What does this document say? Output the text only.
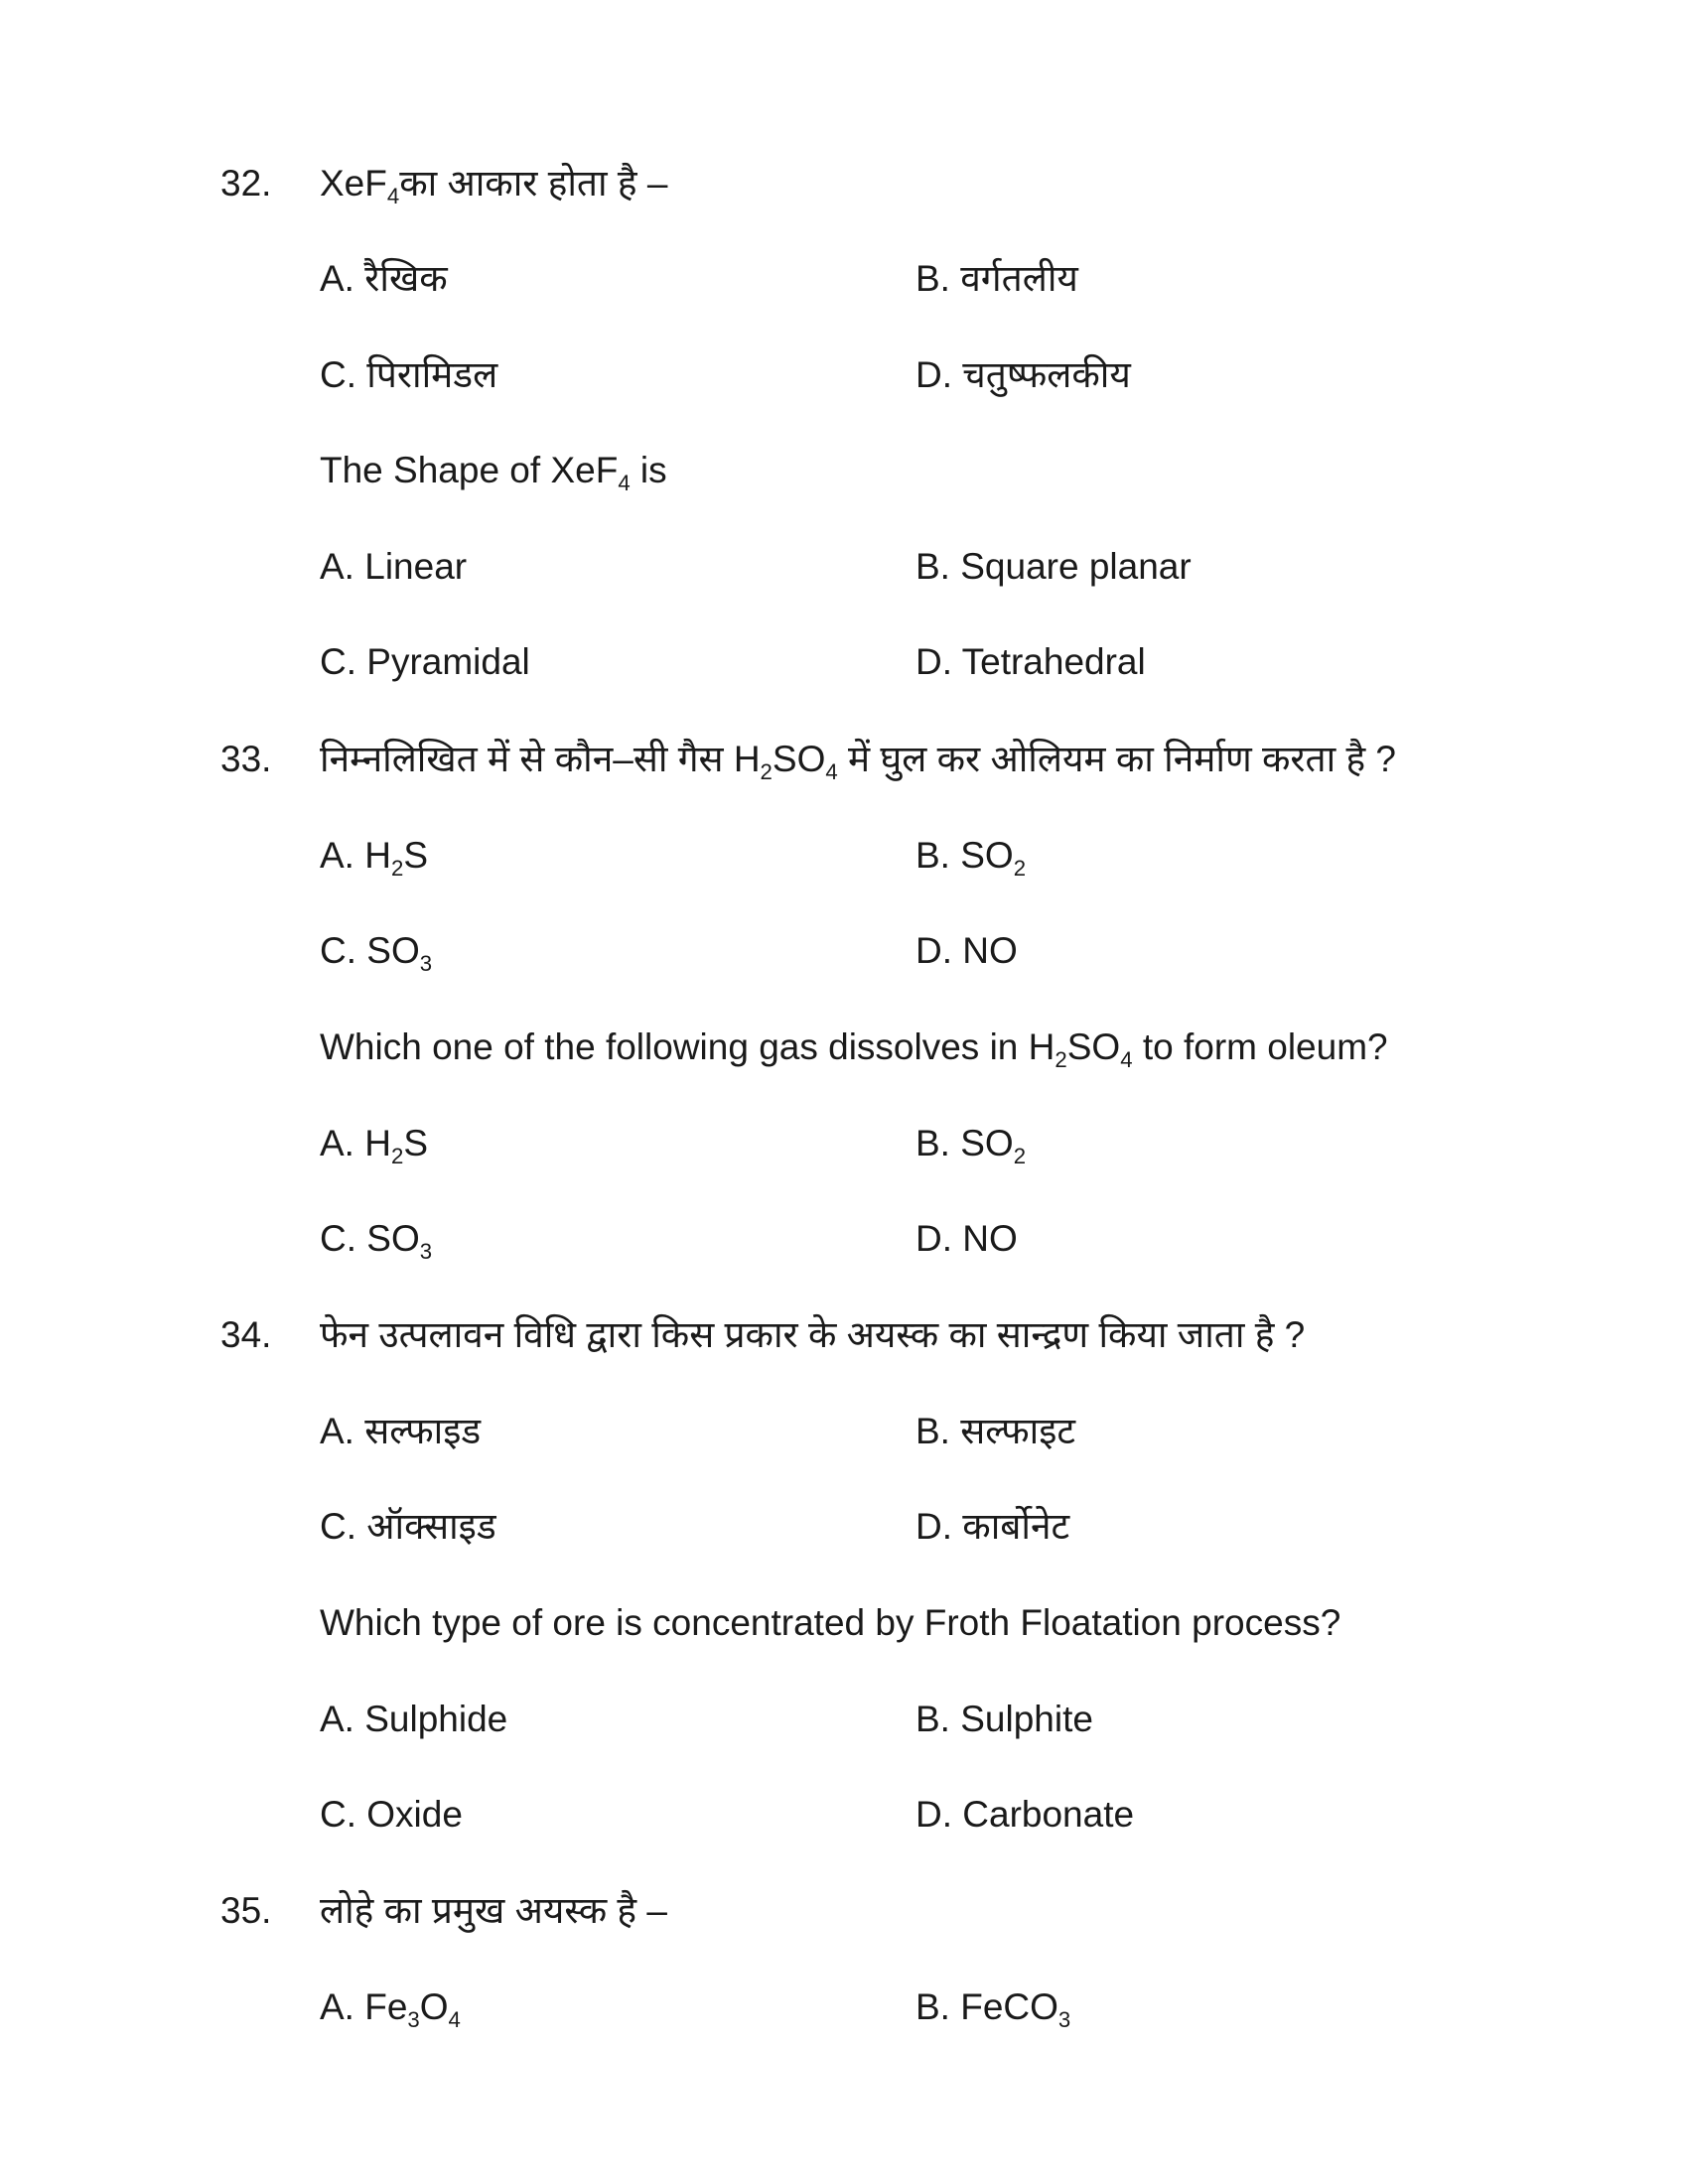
32. XeF$_4$का आकार होता है –
A. रैखिक	B. वर्गतलीय
C. पिरामिडल	D. चतुष्फलकीय
The Shape of XeF$_4$ is
A. Linear	B. Square planar
C. Pyramidal	D. Tetrahedral
33. निम्नलिखित में से कौन–सी गैस $H_2SO_4$ में घुल कर ओलियम का निर्माण करता है ?
A. $H_2S$	B. $SO_2$
C. $SO_3$	D. NO
Which one of the following gas dissolves in $H_2SO_4$ to form oleum?
A. $H_2S$	B. $SO_2$
C. $SO_3$	D. NO
34. फेन उत्पलावन विधि द्वारा किस प्रकार के अयस्क का सान्द्रण किया जाता है ?
A. सल्फाइड	B. सल्फाइट
C. ऑक्साइड	D. कार्बोनेट
Which type of ore is concentrated by Froth Floatation process?
A. Sulphide	B. Sulphite
C. Oxide	D. Carbonate
35. लोहे का प्रमुख अयस्क है –
A. $Fe_3O_4$	B. FeCO$_3$
